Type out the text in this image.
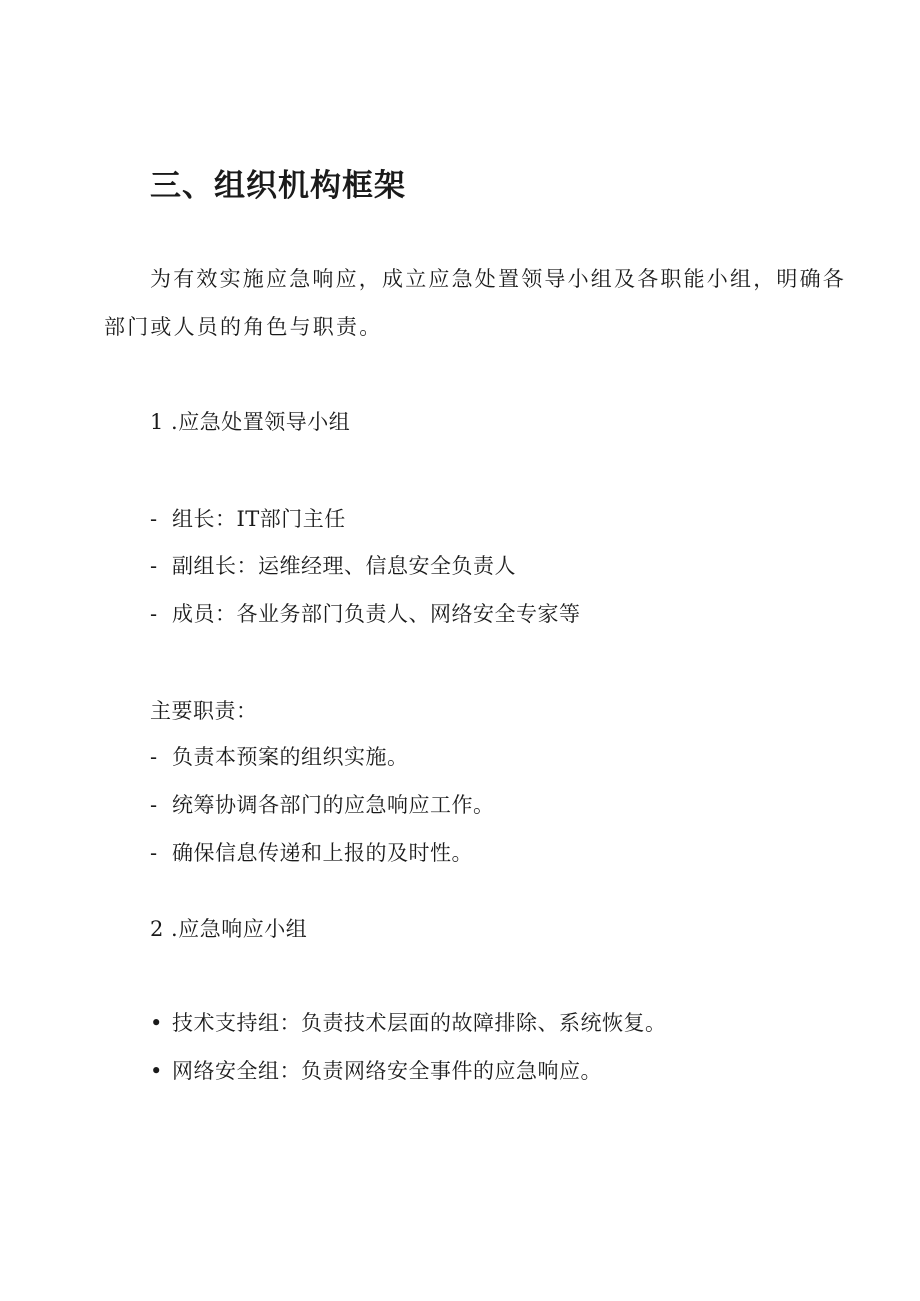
三、组织机构框架
为有效实施应急响应，成立应急处置领导小组及各职能小组，明确各
部门或人员的角色与职责。
1 .应急处置领导小组
- 组长：IT部门主任
- 副组长：运维经理、信息安全负责人
- 成员：各业务部门负责人、网络安全专家等
主要职责：
- 负责本预案的组织实施。
- 统筹协调各部门的应急响应工作。
- 确保信息传递和上报的及时性。
2 .应急响应小组
• 技术支持组：负责技术层面的故障排除、系统恢复。
• 网络安全组：负责网络安全事件的应急响应。
